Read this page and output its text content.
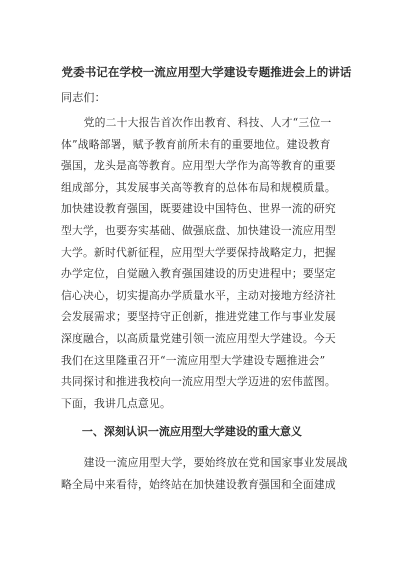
党委书记在学校一流应用型大学建设专题推进会上的讲话

同志们：

党的二十大报告首次作出教育、科技、人才“三位一
体”战略部署，赋予教育前所未有的重要地位。建设教育
强国，龙头是高等教育。应用型大学作为高等教育的重要
组成部分，其发展事关高等教育的总体布局和规模质量。
加快建设教育强国，既要建设中国特色、世界一流的研究
型大学，也要夯实基础、做强底盘、加快建设一流应用型
大学。新时代新征程，应用型大学要保持战略定力，把握
办学定位，自觉融入教育强国建设的历史进程中；要坚定
信心决心，切实提高办学质量水平，主动对接地方经济社
会发展需求；要坚持守正创新，推进党建工作与事业发展
深度融合，以高质量党建引领一流应用型大学建设。今天
我们在这里隆重召开“一流应用型大学建设专题推进会”
共同探讨和推进我校向一流应用型大学迈进的宏伟蓝图。
下面，我讲几点意见。

一、深刻认识一流应用型大学建设的重大意义

建设一流应用型大学，要始终放在党和国家事业发展战
略全局中来看待，始终站在加快建设教育强国和全面建成
